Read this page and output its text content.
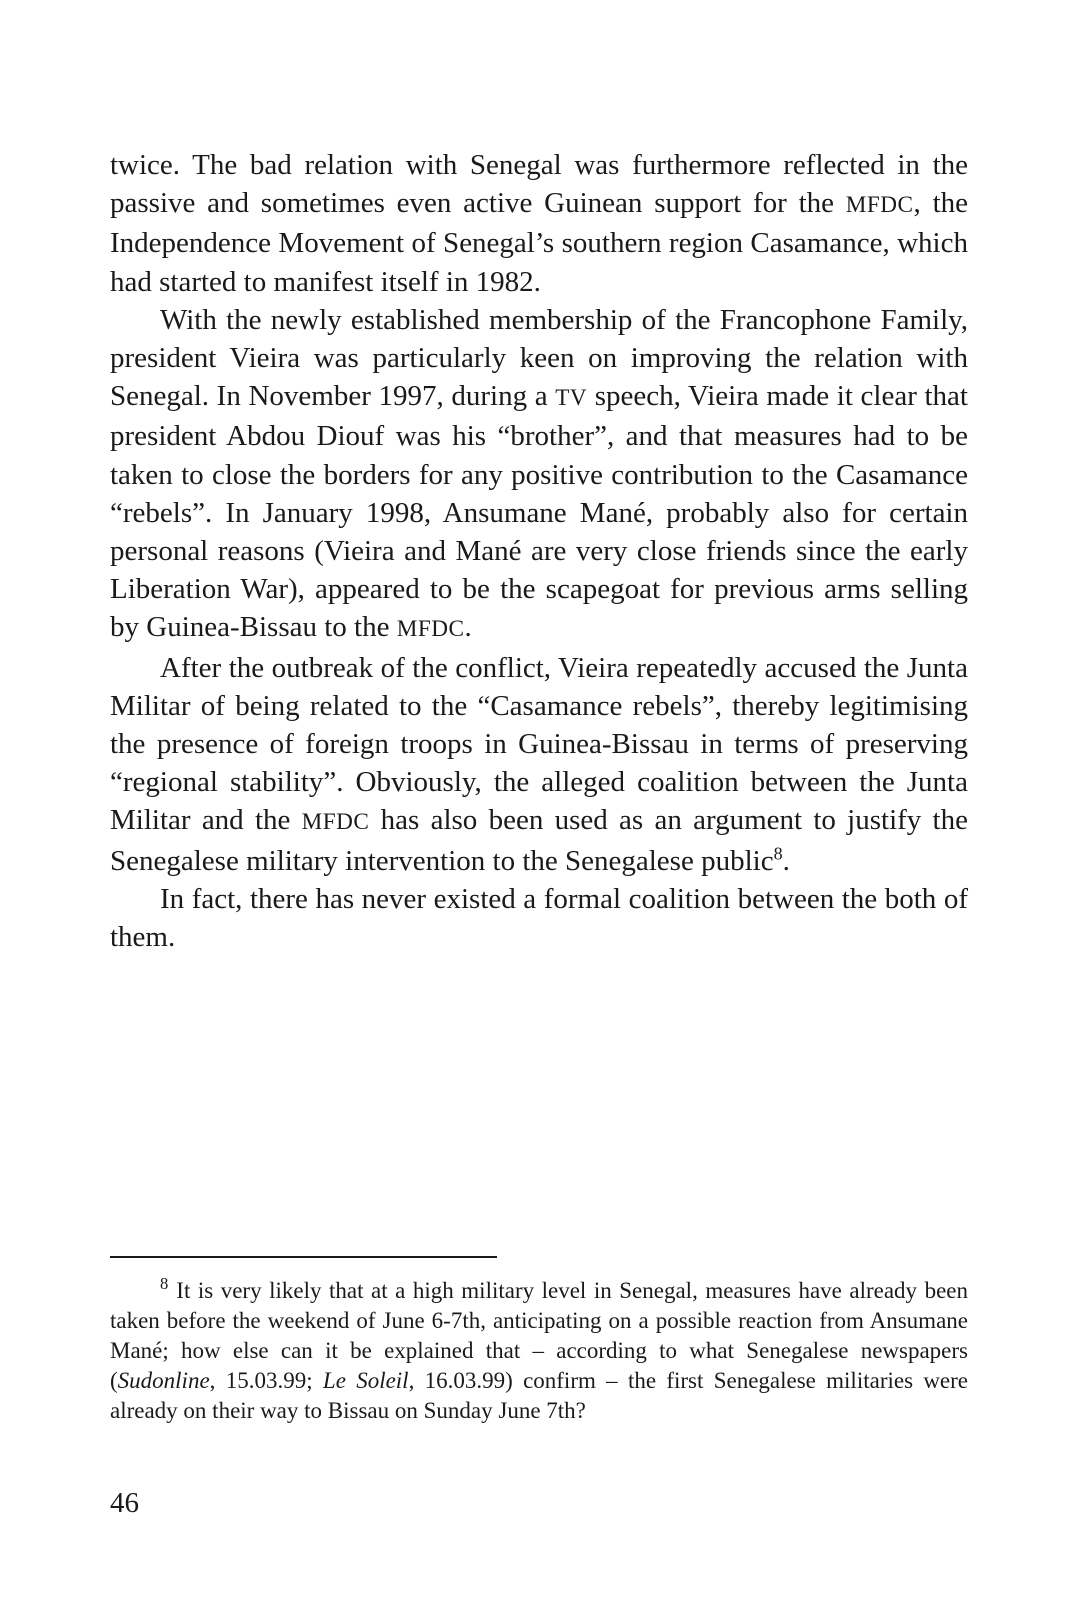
twice. The bad relation with Senegal was furthermore reflected in the passive and sometimes even active Guinean support for the MFDC, the Independence Movement of Senegal’s southern region Casamance, which had started to manifest itself in 1982.

With the newly established membership of the Francophone Family, president Vieira was particularly keen on improving the relation with Senegal. In November 1997, during a TV speech, Vieira made it clear that president Abdou Diouf was his “brother”, and that measures had to be taken to close the borders for any positive contribution to the Casamance “rebels”. In January 1998, Ansumane Mané, probably also for certain personal reasons (Vieira and Mané are very close friends since the early Liberation War), appeared to be the scapegoat for previous arms selling by Guinea-Bissau to the MFDC.

After the outbreak of the conflict, Vieira repeatedly accused the Junta Militar of being related to the “Casamance rebels”, thereby legitimising the presence of foreign troops in Guinea-Bissau in terms of preserving “regional stability”. Obviously, the alleged coalition between the Junta Militar and the MFDC has also been used as an argument to justify the Senegalese military intervention to the Senegalese public$^8$.

In fact, there has never existed a formal coalition between the both of them.

$^8$ It is very likely that at a high military level in Senegal, measures have already been taken before the weekend of June 6-7th, anticipating on a possible reaction from Ansumane Mané; how else can it be explained that – according to what Senegalese newspapers (Sudonline, 15.03.99; Le Soleil, 16.03.99) confirm – the first Senegalese militaries were already on their way to Bissau on Sunday June 7th?

46
